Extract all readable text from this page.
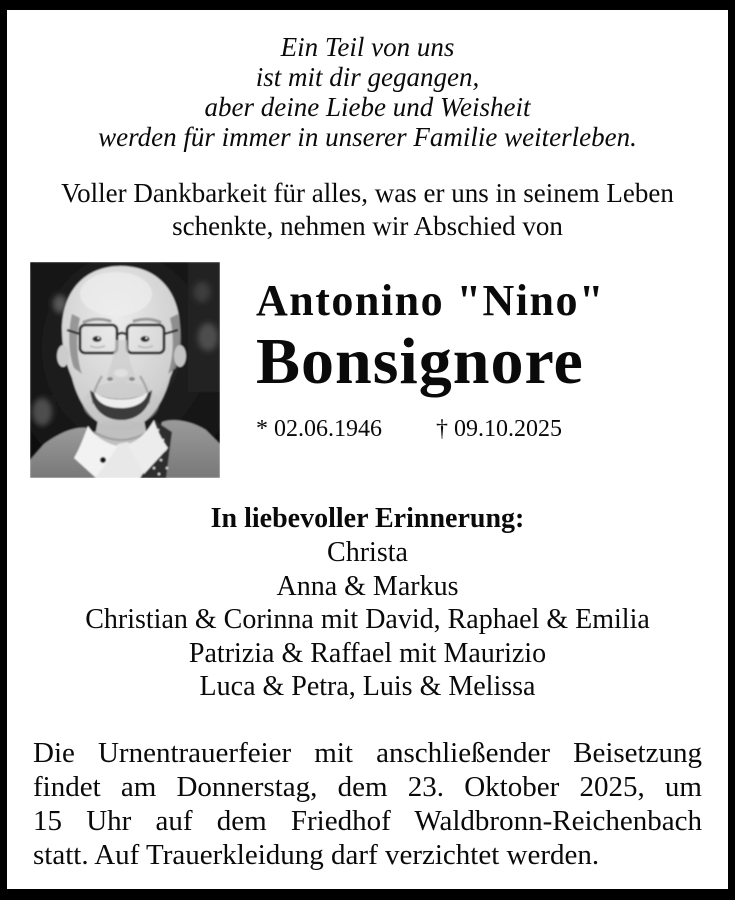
Ein Teil von uns
ist mit dir gegangen,
aber deine Liebe und Weisheit
werden für immer in unserer Familie weiterleben.
Voller Dankbarkeit für alles, was er uns in seinem Leben
schenkte, nehmen wir Abschied von
Antonino "Nino"
Bonsignore
* 02.06.1946 † 09.10.2025
In liebevoller Erinnerung:
Christa
Anna & Markus
Christian & Corinna mit David, Raphael & Emilia
Patrizia & Raffael mit Maurizio
Luca & Petra, Luis & Melissa
Die Urnentrauerfeier mit anschließender Beisetzung
findet am Donnerstag, dem 23. Oktober 2025, um
15 Uhr auf dem Friedhof Waldbronn-Reichenbach
statt. Auf Trauerkleidung darf verzichtet werden.
